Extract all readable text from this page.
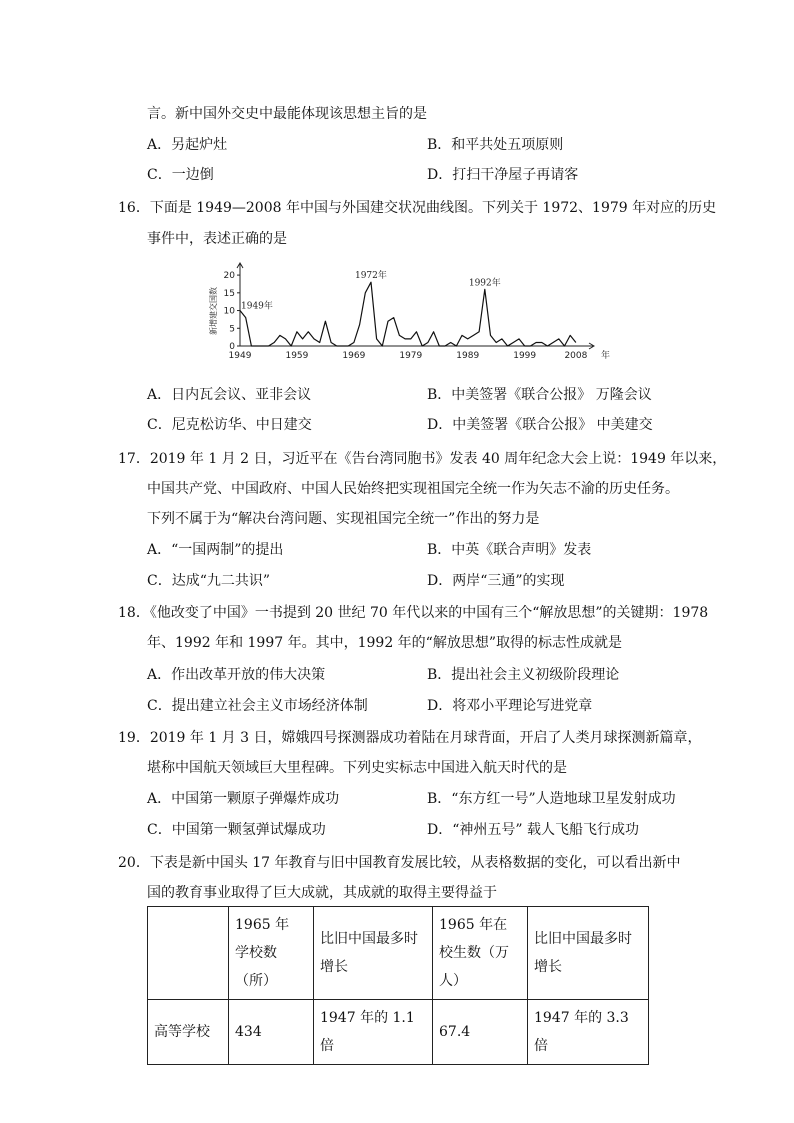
言。新中国外交史中最能体现该思想主旨的是
A．另起炉灶	B．和平共处五项原则
C．一边倒	D．打扫干净屋子再请客
16．下面是 1949—2008 年中国与外国建交状况曲线图。下列关于 1972、1979 年对应的历史
事件中，表述正确的是
0
5
10
15
20
1949	1959	1969	1979	1989	1999	2008 年
新增建交国数	1949年
1972年
1992年
A．日内瓦会议、亚非会议	B．中美签署《联合公报》 万隆会议
C．尼克松访华、中日建交	D．中美签署《联合公报》 中美建交
17．2019 年 1 月 2 日，习近平在《告台湾同胞书》发表 40 周年纪念大会上说：1949 年以来，
中国共产党、中国政府、中国人民始终把实现祖国完全统一作为矢志不渝的历史任务。
下列不属于为“解决台湾问题、实现祖国完全统一”作出的努力是
A．“一国两制”的提出	B．中英《联合声明》发表
C．达成“九二共识”	D．两岸“三通”的实现
18．《他改变了中国》一书提到 20 世纪 70 年代以来的中国有三个“解放思想”的关键期：1978
年、1992 年和 1997 年。其中，1992 年的“解放思想”取得的标志性成就是
A．作出改革开放的伟大决策	B．提出社会主义初级阶段理论
C．提出建立社会主义市场经济体制	D．将邓小平理论写进党章
19．2019 年 1 月 3 日，嫦娥四号探测器成功着陆在月球背面，开启了人类月球探测新篇章，
堪称中国航天领域巨大里程碑。下列史实标志中国进入航天时代的是
A．中国第一颗原子弹爆炸成功	B．“东方红一号”人造地球卫星发射成功
C．中国第一颗氢弹试爆成功	D．“神州五号” 载人飞船飞行成功
20．下表是新中国头 17 年教育与旧中国教育发展比较，从表格数据的变化，可以看出新中
国的教育事业取得了巨大成就，其成就的取得主要得益于
	1965 年 学校数（所）	比旧中国最多时增长	1965 年在校生数（万人）	比旧中国最多时增长
高等学校	434	1947 年的 1.1 倍	67.4	1947 年的 3.3 倍
